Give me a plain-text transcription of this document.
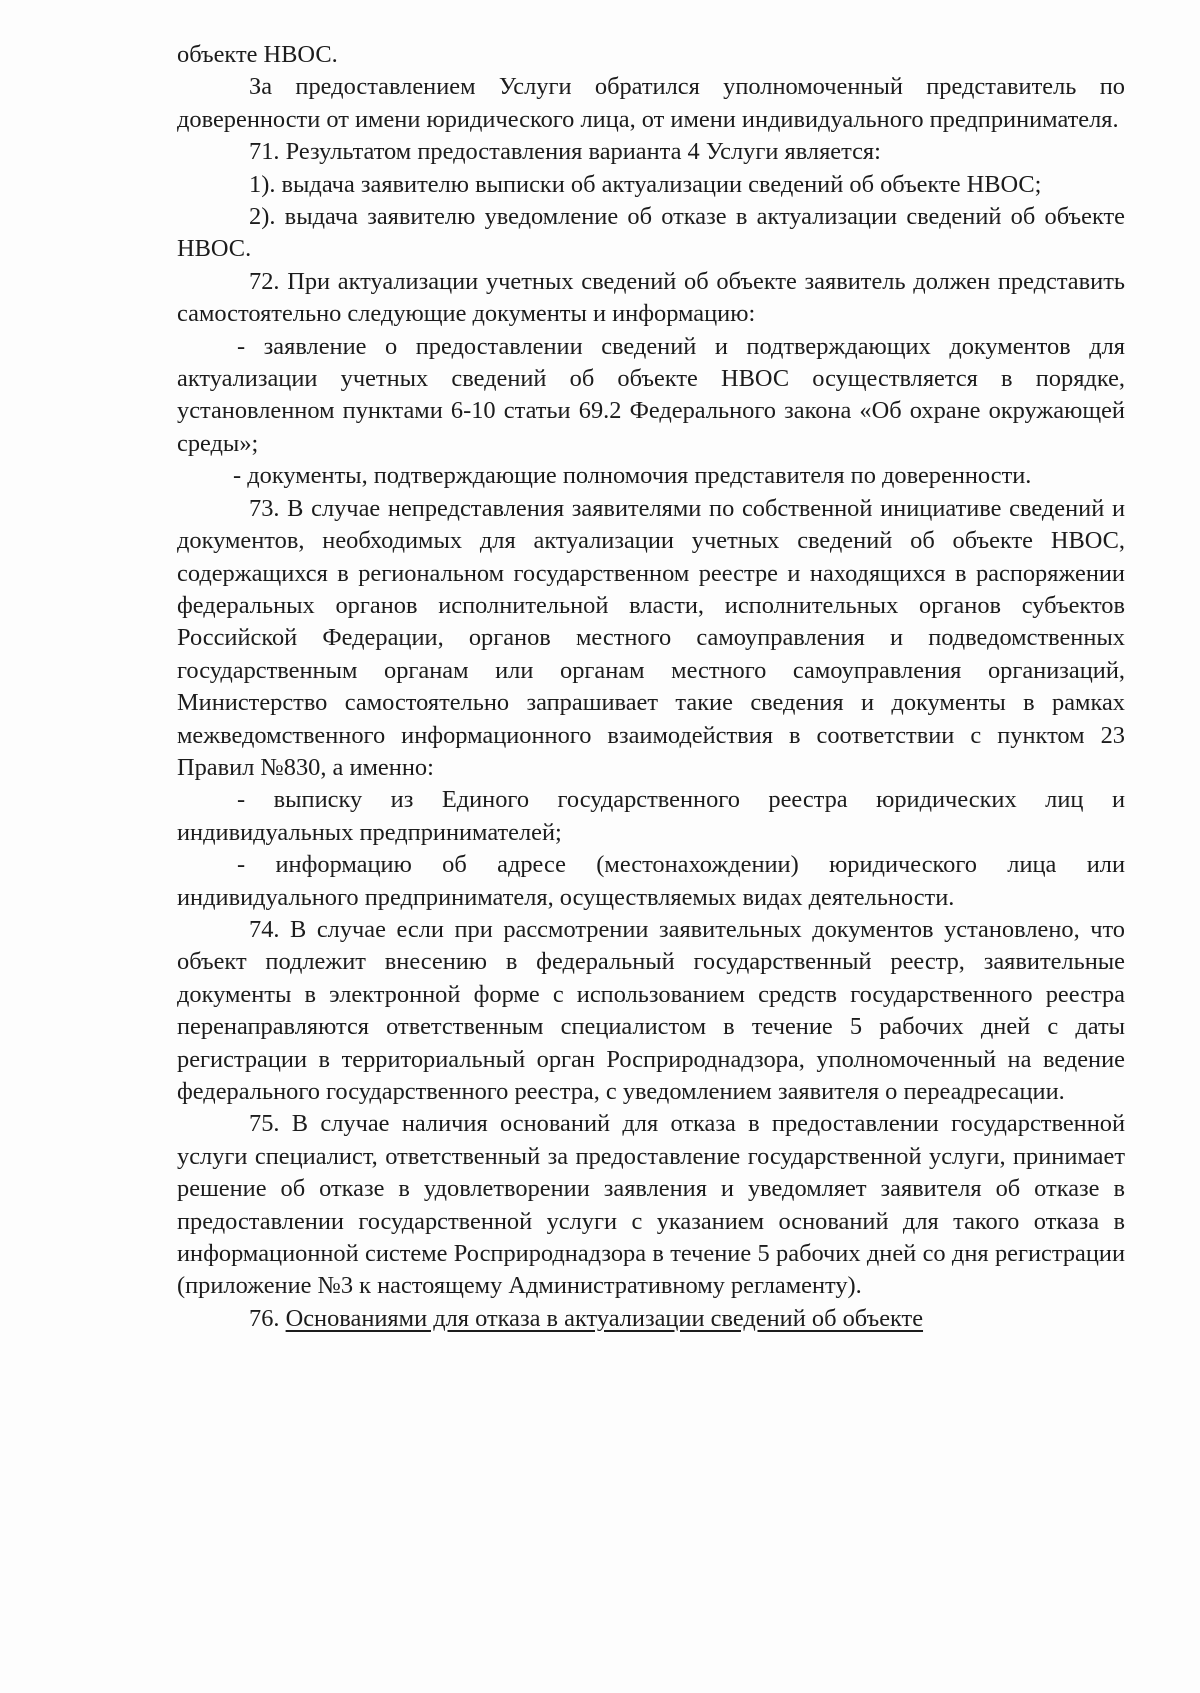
объекте НВОС.

За предоставлением Услуги обратился уполномоченный представитель по доверенности от имени юридического лица, от имени индивидуального предпринимателя.

71. Результатом предоставления варианта 4 Услуги является:

1). выдача заявителю выписки об актуализации сведений об объекте НВОС;

2). выдача заявителю уведомление об отказе в актуализации сведений об объекте НВОС.

72. При актуализации учетных сведений об объекте заявитель должен представить самостоятельно следующие документы и информацию:

- заявление о предоставлении сведений и подтверждающих документов для актуализации учетных сведений об объекте НВОС осуществляется в порядке, установленном пунктами 6-10 статьи 69.2 Федерального закона «Об охране окружающей среды»;

- документы, подтверждающие полномочия представителя по доверенности.

73. В случае непредставления заявителями по собственной инициативе сведений и документов, необходимых для актуализации учетных сведений об объекте НВОС, содержащихся в региональном государственном реестре и находящихся в распоряжении федеральных органов исполнительной власти, исполнительных органов субъектов Российской Федерации, органов местного самоуправления и подведомственных государственным органам или органам местного самоуправления организаций, Министерство самостоятельно запрашивает такие сведения и документы в рамках межведомственного информационного взаимодействия в соответствии с пунктом 23 Правил №830, а именно:

- выписку из Единого государственного реестра юридических лиц и индивидуальных предпринимателей;

- информацию об адресе (местонахождении) юридического лица или индивидуального предпринимателя, осуществляемых видах деятельности.

74. В случае если при рассмотрении заявительных документов установлено, что объект подлежит внесению в федеральный государственный реестр, заявительные документы в электронной форме с использованием средств государственного реестра перенаправляются ответственным специалистом в течение 5 рабочих дней с даты регистрации в территориальный орган Росприроднадзора, уполномоченный на ведение федерального государственного реестра, с уведомлением заявителя о переадресации.

75. В случае наличия оснований для отказа в предоставлении государственной услуги специалист, ответственный за предоставление государственной услуги, принимает решение об отказе в удовлетворении заявления и уведомляет заявителя об отказе в предоставлении государственной услуги с указанием оснований для такого отказа в информационной системе Росприроднадзора в течение 5 рабочих дней со дня регистрации (приложение №3 к настоящему Административному регламенту).

76. Основаниями для отказа в актуализации сведений об объекте
